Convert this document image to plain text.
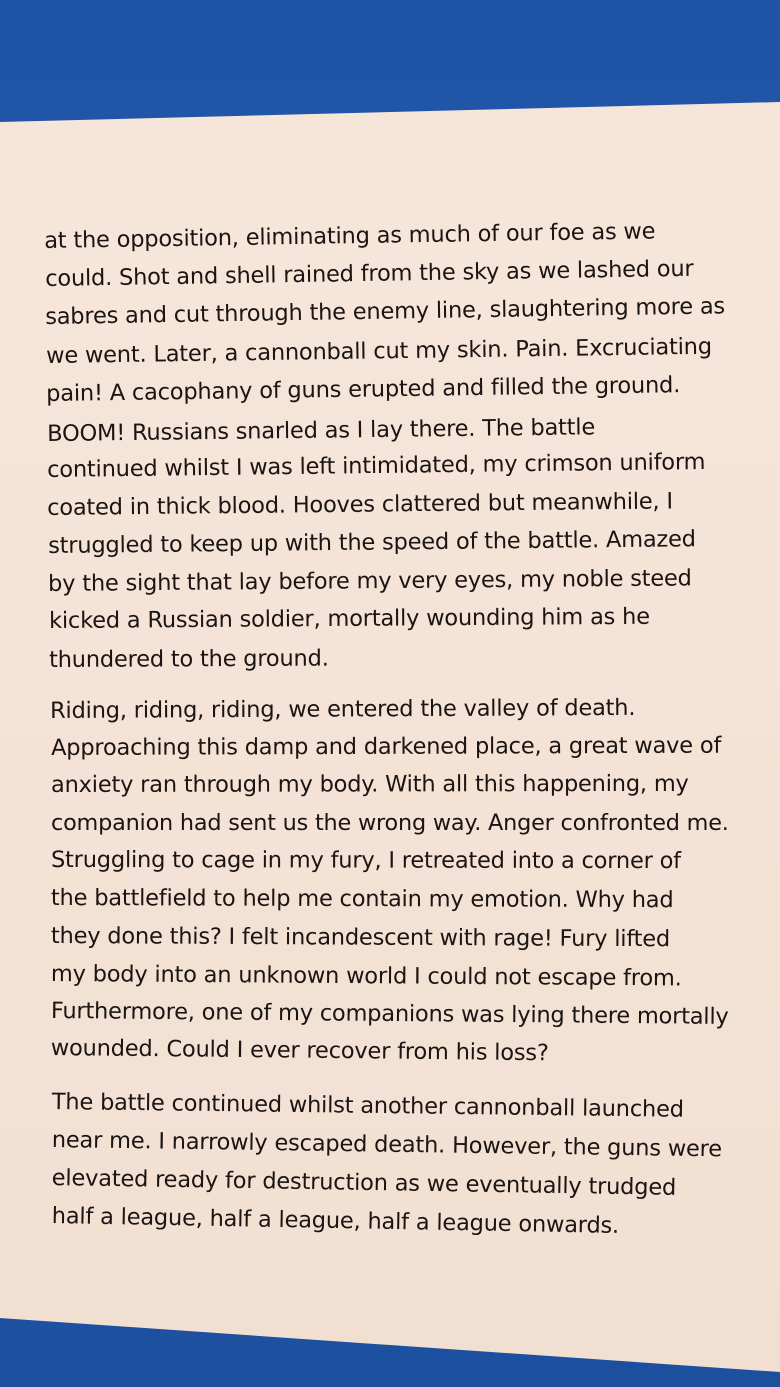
at the opposition, eliminating as much of our foe as we
could. Shot and shell rained from the sky as we lashed our
sabres and cut through the enemy line, slaughtering more as
we went. Later, a cannonball cut my skin. Pain. Excruciating
pain! A cacophany of guns erupted and filled the ground.
BOOM! Russians snarled as I lay there. The battle
continued whilst I was left intimidated, my crimson uniform
coated in thick blood. Hooves clattered but meanwhile, I
struggled to keep up with the speed of the battle. Amazed
by the sight that lay before my very eyes, my noble steed
kicked a Russian soldier, mortally wounding him as he
thundered to the ground.
Riding, riding, riding, we entered the valley of death.
Approaching this damp and darkened place, a great wave of
anxiety ran through my body. With all this happening, my
companion had sent us the wrong way. Anger confronted me.
Struggling to cage in my fury, I retreated into a corner of
the battlefield to help me contain my emotion. Why had
they done this? I felt incandescent with rage! Fury lifted
my body into an unknown world I could not escape from.
Furthermore, one of my companions was lying there mortally
wounded. Could I ever recover from his loss?
The battle continued whilst another cannonball launched
near me. I narrowly escaped death. However, the guns were
elevated ready for destruction as we eventually trudged
half a league, half a league, half a league onwards.
